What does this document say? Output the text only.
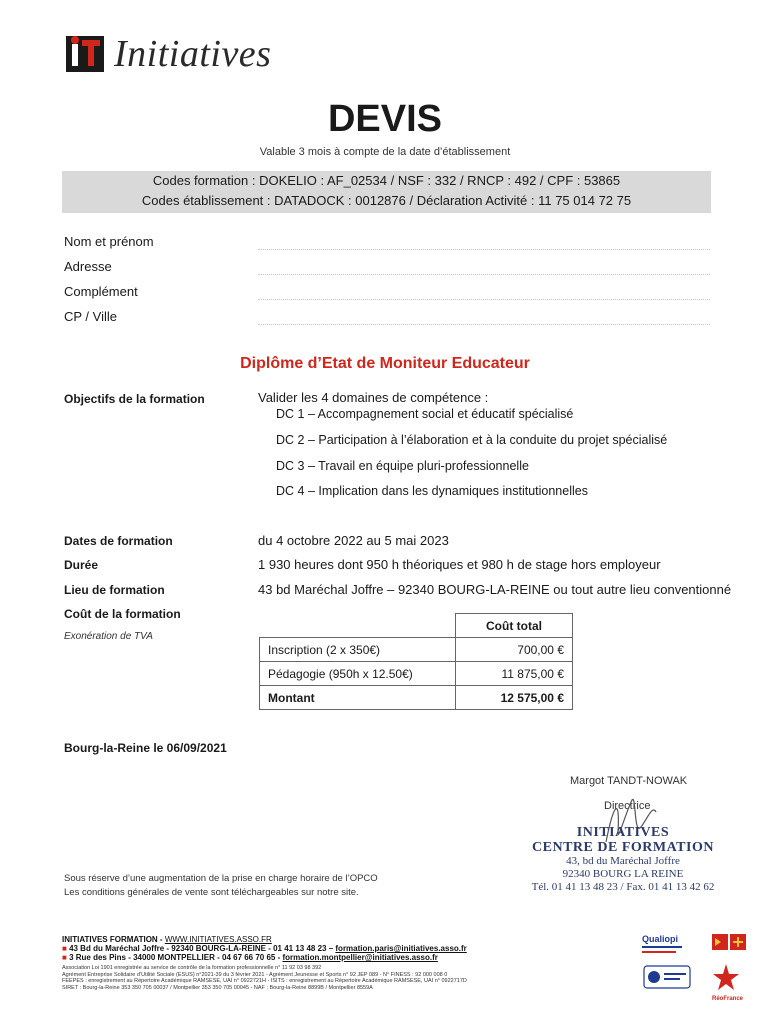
Initiatives
DEVIS
Valable 3 mois à compte de la date d’établissement
Codes formation : DOKELIO : AF_02534 / NSF : 332 / RNCP : 492 / CPF : 53865
Codes établissement : DATADOCK : 0012876 / Déclaration Activité : 11 75 014 72 75
Nom et prénom
Adresse
Complément
CP / Ville
Diplôme d’Etat de Moniteur Educateur
Objectifs de la formation	Valider les 4 domaines de compétence :
DC 1 – Accompagnement social et éducatif spécialisé
DC 2 – Participation à l’élaboration et à la conduite du projet spécialisé
DC 3 – Travail en équipe pluri-professionnelle
DC 4 – Implication dans les dynamiques institutionnelles
Dates de formation	du 4 octobre 2022 au 5 mai 2023
Durée	1 930 heures dont 950 h théoriques et 980 h de stage hors employeur
Lieu de formation	43 bd Maréchal Joffre – 92340 BOURG-LA-REINE ou tout autre lieu conventionné
Coût de la formation
Exonération de TVA
	Coût total
Inscription (2 x 350€)	700,00 €
Pédagogie (950h x 12.50€)	11 875,00 €
Montant	12 575,00 €
Bourg-la-Reine le 06/09/2021
Margot TANDT-NOWAK
Directrice
INITIATIVES
CENTRE DE FORMATION
43, bd du Maréchal Joffre
92340 BOURG LA REINE
Tél. 01 41 13 48 23 / Fax. 01 41 13 42 62
Sous réserve d’une augmentation de la prise en charge horaire de l’OPCO
Les conditions générales de vente sont téléchargeables sur notre site.
INITIATIVES FORMATION - WWW.INITIATIVES.ASSO.FR
■ 43 Bd du Maréchal Joffre - 92340 BOURG-LA-REINE - 01 41 13 48 23 – formation.paris@initiatives.asso.fr
■ 3 Rue des Pins - 34000 MONTPELLIER - 04 67 66 70 65 - formation.montpellier@initiatives.asso.fr
Association Loi 1901 enregistrée au service de contrôle de la formation professionnelle n° 11 92 03 98 392
Agrément Entreprise Solidaire d’Utilité Sociale (ESUS) n°2021-39 du 3 février 2021 - Agrément Jeunesse et Sports n° 92 JEP 089 - N° FINESS : 92 000 008 0
FEEPES : enregistrement au Répertoire Académique RAMSESE, UAI n° 0922721H - ISITS : enregistrement au Répertoire Académique RAMSESE, UAI n° 0922717D
SIRET : Bourg-la-Reine 353 350 705 00037 / Montpellier 353 350 705 00045 - NAF : Bourg-la-Reine 8899B / Montpellier 8559A
Qualiopi
RéoFrance
